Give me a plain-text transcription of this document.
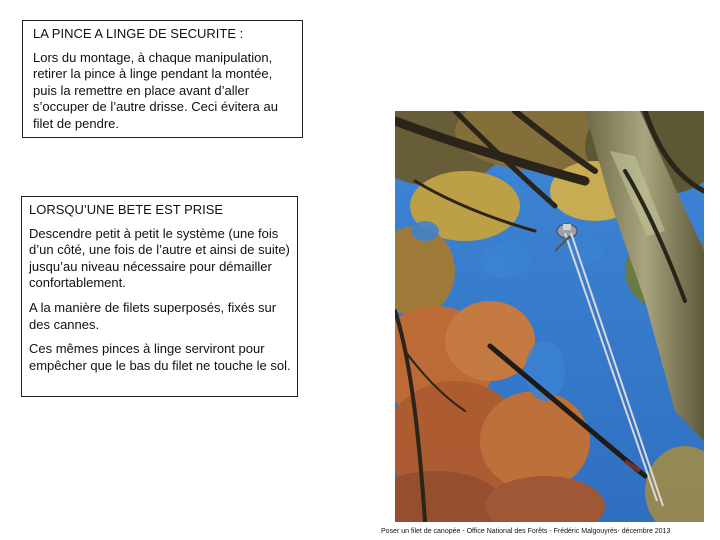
LA PINCE A LINGE DE SECURITE :

Lors du montage, à chaque manipulation, retirer la pince à linge pendant la montée, puis la remettre en place avant d’aller s’occuper de l’autre drisse. Ceci évitera au filet de pendre.

LORSQU’UNE BETE EST PRISE

Descendre petit à petit le système (une fois d’un côté, une fois de l’autre et ainsi de suite) jusqu’au niveau nécessaire pour démailler confortablement.

A la manière de filets superposés, fixés sur des cannes.

Ces mêmes pinces à linge serviront pour empêcher que le bas du filet ne touche le sol.

Poser un filet de canopée - Office National des Forêts - Frédéric Malgouyrès- décembre 2013
